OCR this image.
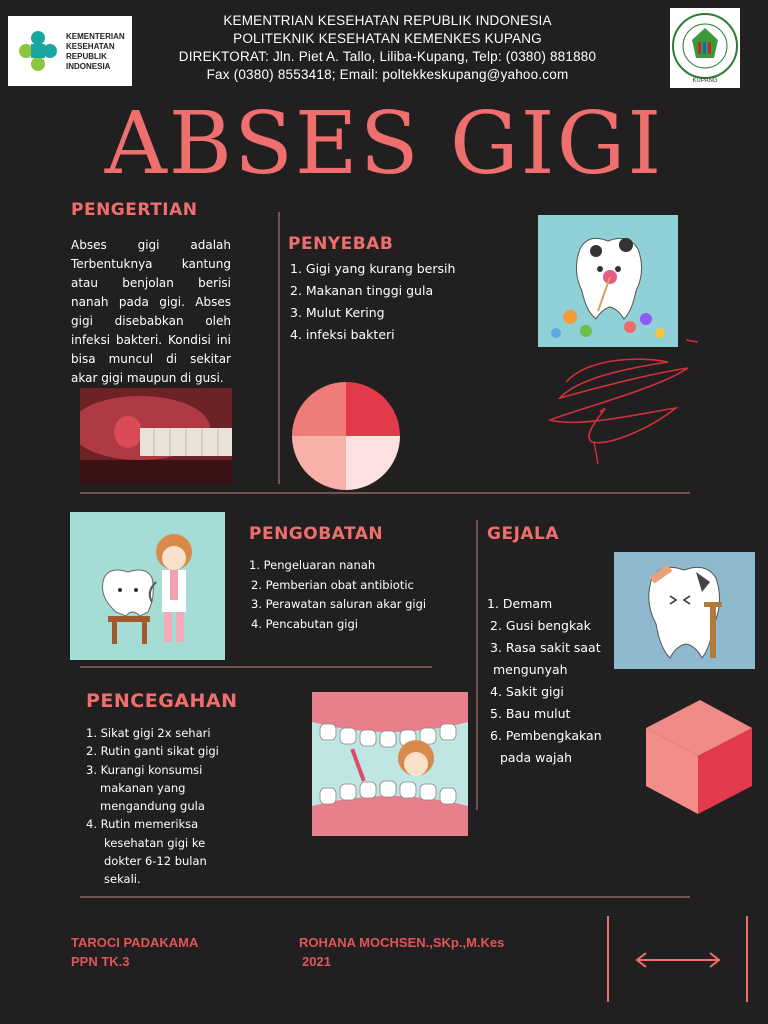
KEMENTERIAN
KESEHATAN
REPUBLIK
INDONESIA
KEMENTRIAN KESEHATAN REPUBLIK INDONESIA
POLITEKNIK KESEHATAN KEMENKES KUPANG
DIREKTORAT: Jln. Piet A. Tallo, Liliba-Kupang, Telp: (0380) 881880
Fax (0380) 8553418; Email: poltekkeskupang@yahoo.com	KUPANG
ABSES GIGI
PENGERTIAN
Abses gigi adalah Terbentuknya kantung atau benjolan berisi nanah pada gigi. Abses gigi disebabkan oleh infeksi bakteri. Kondisi ini bisa muncul di sekitar akar gigi maupun di gusi.
PENYEBAB
1. Gigi yang kurang bersih
2. Makanan tinggi gula
3. Mulut Kering
4. infeksi bakteri
PENGOBATAN
1. Pengeluaran nanah
2. Pemberian obat antibiotic
3. Perawatan saluran akar gigi
4. Pencabutan gigi
GEJALA
1. Demam
2. Gusi bengkak
3. Rasa sakit saat
mengunyah
4. Sakit gigi
5. Bau mulut
6. Pembengkakan
pada wajah
PENCEGAHAN
1. Sikat gigi 2x sehari
2. Rutin ganti sikat gigi
3. Kurangi konsumsi
makanan yang
mengandung gula
4. Rutin memeriksa
kesehatan gigi ke
dokter 6-12 bulan
sekali.
TAROCI PADAKAMA
PPN TK.3
ROHANA MOCHSEN.,SKp.,M.Kes
2021
